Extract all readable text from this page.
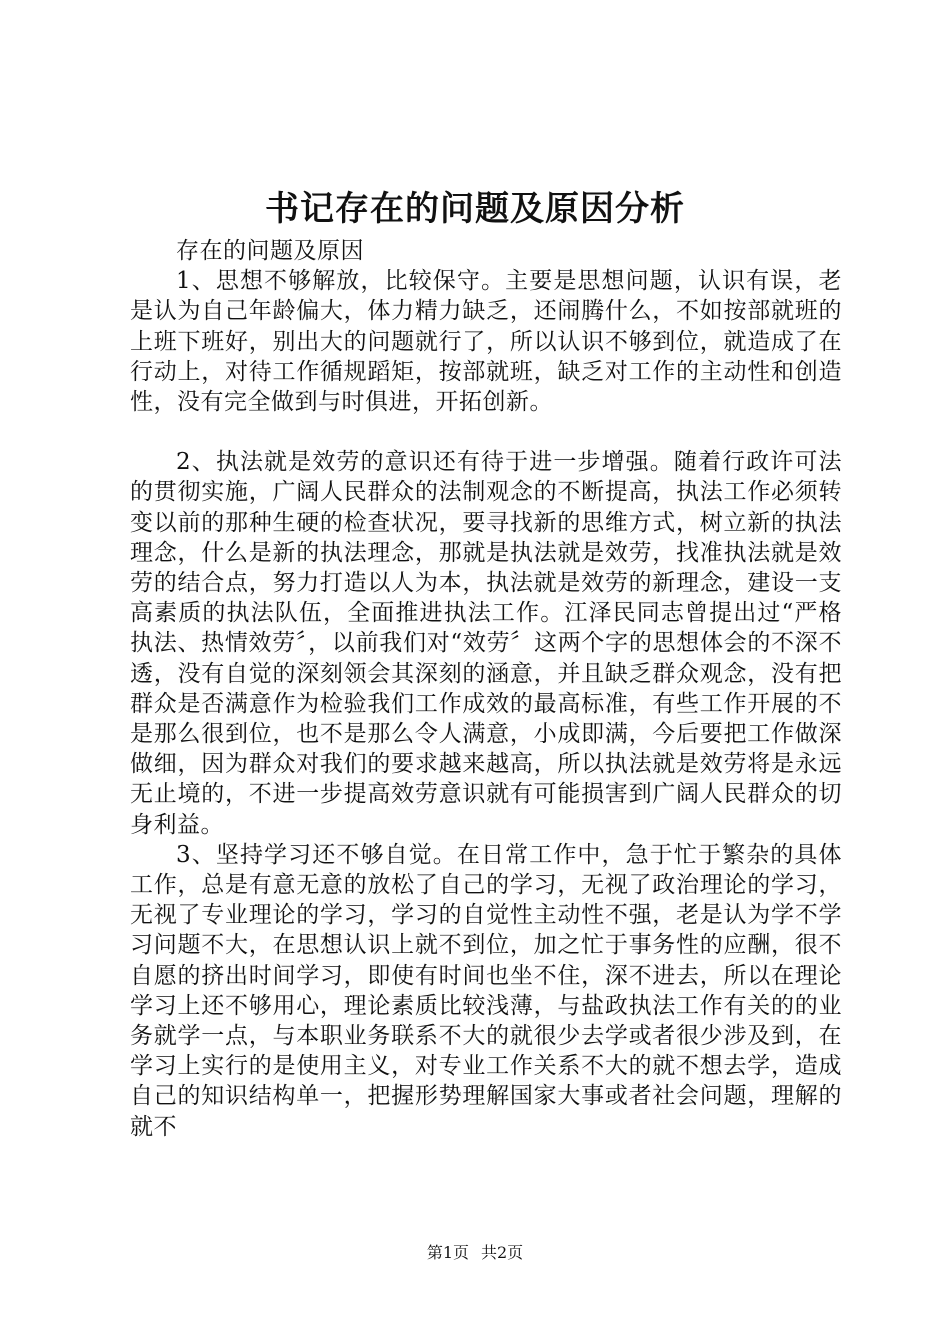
书记存在的问题及原因分析

存在的问题及原因

1、思想不够解放，比较保守。主要是思想问题，认识有误，老是认为自己年龄偏大，体力精力缺乏，还闹腾什么，不如按部就班的上班下班好，别出大的问题就行了，所以认识不够到位，就造成了在行动上，对待工作循规蹈矩，按部就班，缺乏对工作的主动性和创造性，没有完全做到与时俱进，开拓创新。

2、执法就是效劳的意识还有待于进一步增强。随着行政许可法的贯彻实施，广阔人民群众的法制观念的不断提高，执法工作必须转变以前的那种生硬的检查状况，要寻找新的思维方式，树立新的执法理念，什么是新的执法理念，那就是执法就是效劳，找准执法就是效劳的结合点，努力打造以人为本，执法就是效劳的新理念，建设一支高素质的执法队伍，全面推进执法工作。江泽民同志曾提出过“严格执法、热情效劳〞，以前我们对“效劳〞这两个字的思想体会的不深不透，没有自觉的深刻领会其深刻的涵意，并且缺乏群众观念，没有把群众是否满意作为检验我们工作成效的最高标准，有些工作开展的不是那么很到位，也不是那么令人满意，小成即满，今后要把工作做深做细，因为群众对我们的要求越来越高，所以执法就是效劳将是永远无止境的，不进一步提高效劳意识就有可能损害到广阔人民群众的切身利益。

3、坚持学习还不够自觉。在日常工作中，急于忙于繁杂的具体工作，总是有意无意的放松了自己的学习，无视了政治理论的学习，无视了专业理论的学习，学习的自觉性主动性不强，老是认为学不学习问题不大，在思想认识上就不到位，加之忙于事务性的应酬，很不自愿的挤出时间学习，即使有时间也坐不住，深不进去，所以在理论学习上还不够用心，理论素质比较浅薄，与盐政执法工作有关的的业务就学一点，与本职业务联系不大的就很少去学或者很少涉及到，在学习上实行的是使用主义，对专业工作关系不大的就不想去学，造成自己的知识结构单一，把握形势理解国家大事或者社会问题，理解的就不

第1页 共2页
